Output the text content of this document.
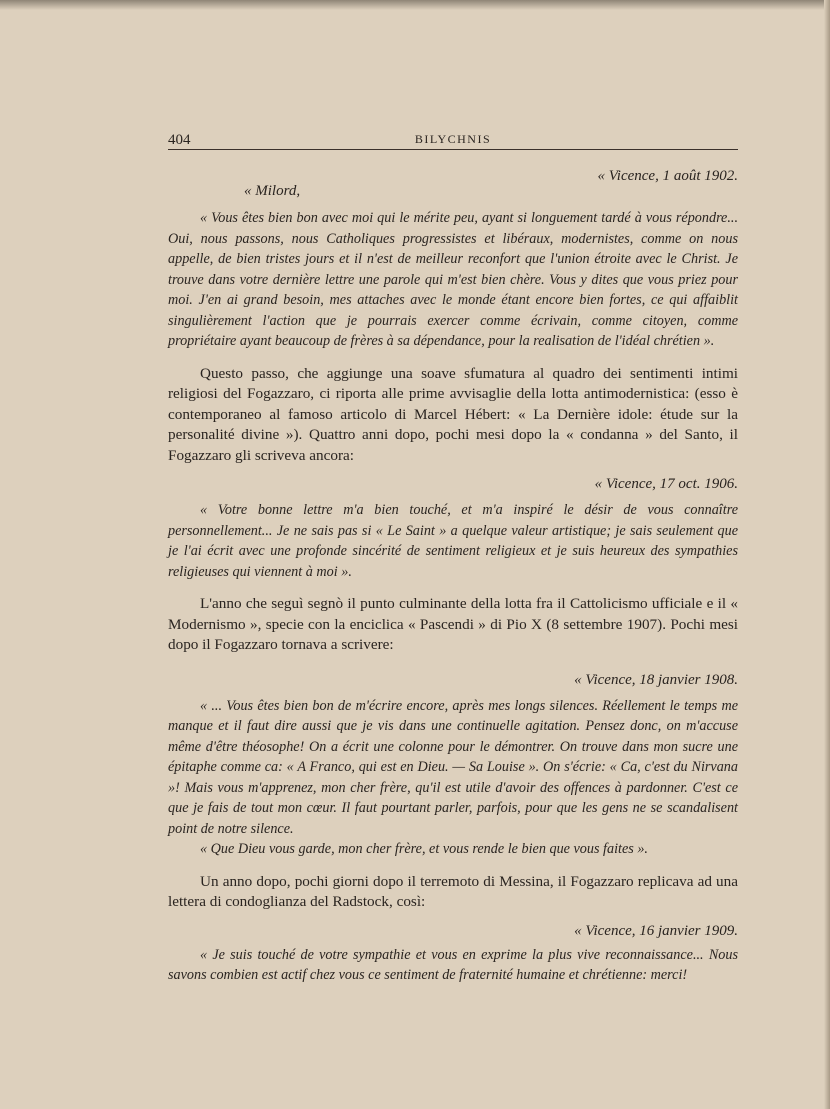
404	BILYCHNIS
« Vicence, 1 août 1902.
« Milord,

« Vous êtes bien bon avec moi qui le mérite peu, ayant si longuement tardé à vous répondre... Oui, nous passons, nous Catholiques progressistes et libéraux, modernistes, comme on nous appelle, de bien tristes jours et il n'est de meilleur reconfort que l'union étroite avec le Christ. Je trouve dans votre dernière lettre une parole qui m'est bien chère. Vous y dites que vous priez pour moi. J'en ai grand besoin, mes attaches avec le monde étant encore bien fortes, ce qui affaiblit singulièrement l'action que je pourrais exercer comme écrivain, comme citoyen, comme propriétaire ayant beaucoup de frères à sa dépendance, pour la realisation de l'idéal chrétien ».

Questo passo, che aggiunge una soave sfumatura al quadro dei sentimenti intimi religiosi del Fogazzaro, ci riporta alle prime avvisaglie della lotta antimodernistica: (esso è contemporaneo al famoso articolo di Marcel Hébert: « La Dernière idole: étude sur la personalité divine »). Quattro anni dopo, pochi mesi dopo la « condanna » del Santo, il Fogazzaro gli scriveva ancora:

« Vicence, 17 oct. 1906.

« Votre bonne lettre m'a bien touché, et m'a inspiré le désir de vous connaître personnellement... Je ne sais pas si « Le Saint » a quelque valeur artistique; je sais seulement que je l'ai écrit avec une profonde sincérité de sentiment religieux et je suis heureux des sympathies religieuses qui viennent à moi ».

L'anno che seguì segnò il punto culminante della lotta fra il Cattolicismo ufficiale e il « Modernismo », specie con la enciclica « Pascendi » di Pio X (8 settembre 1907). Pochi mesi dopo il Fogazzaro tornava a scrivere:

« Vicence, 18 janvier 1908.

« ... Vous êtes bien bon de m'écrire encore, après mes longs silences. Réellement le temps me manque et il faut dire aussi que je vis dans une continuelle agitation. Pensez donc, on m'accuse même d'être théosophe! On a écrit une colonne pour le démontrer. On trouve dans mon sucre une épitaphe comme ca: « A Franco, qui est en Dieu. — Sa Louise ». On s'écrie: « Ca, c'est du Nirvana »! Mais vous m'apprenez, mon cher frère, qu'il est utile d'avoir des offences à pardonner. C'est ce que je fais de tout mon cœur. Il faut pourtant parler, parfois, pour que les gens ne se scandalisent point de notre silence.

« Que Dieu vous garde, mon cher frère, et vous rende le bien que vous faites ».

Un anno dopo, pochi giorni dopo il terremoto di Messina, il Fogazzaro replicava ad una lettera di condoglianza del Radstock, così:

« Vicence, 16 janvier 1909.

« Je suis touché de votre sympathie et vous en exprime la plus vive reconnaissance... Nous savons combien est actif chez vous ce sentiment de fraternité humaine et chrétienne: merci!
